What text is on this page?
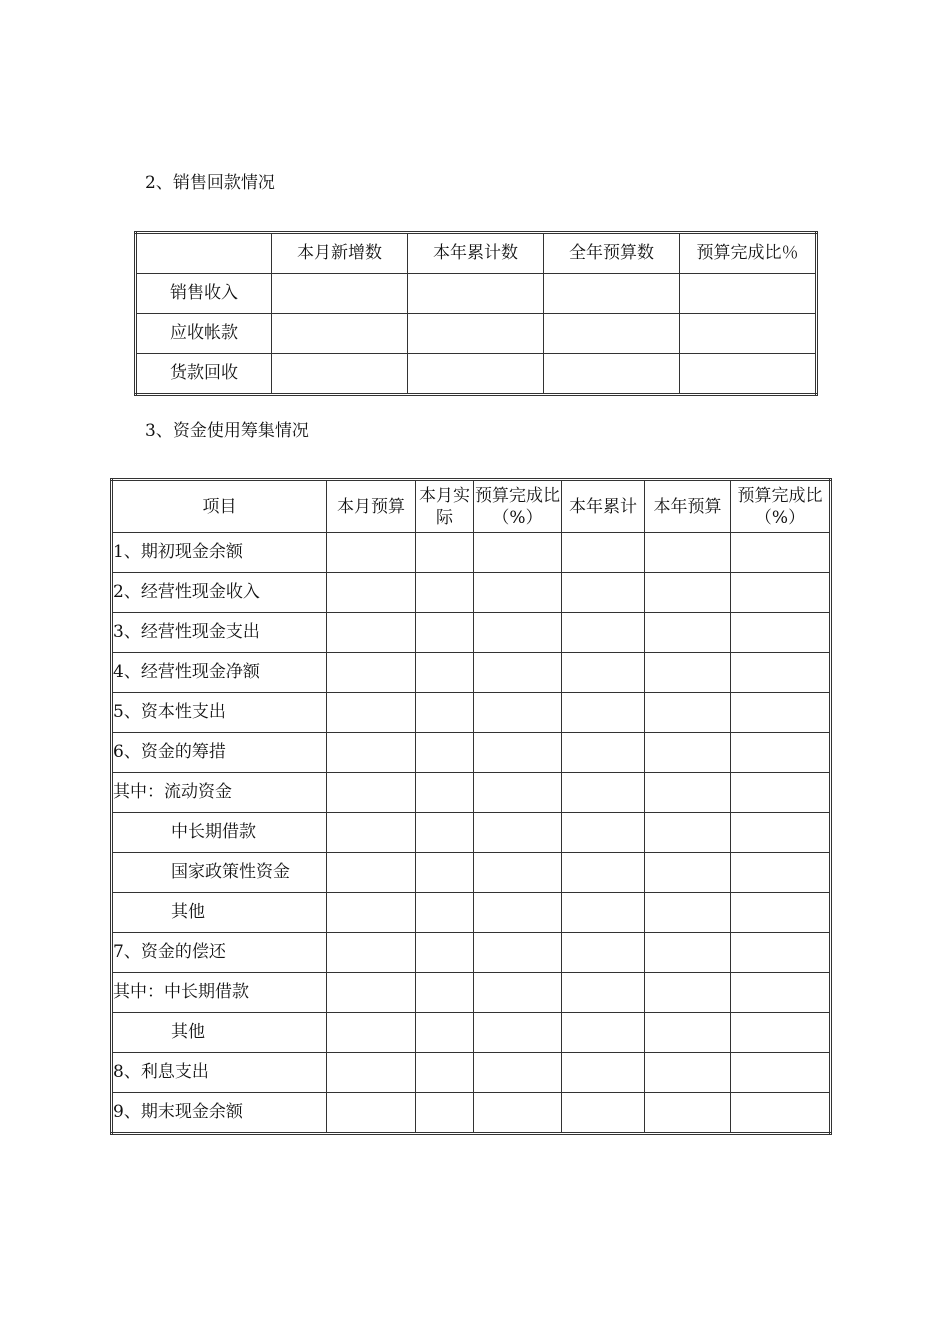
2、销售回款情况
	本月新增数	本年累计数	全年预算数	预算完成比％
销售收入				
应收帐款				
货款回收				
3、资金使用筹集情况
项目	本月预算	本月实际	预算完成比（%）	本年累计	本年预算	预算完成比（%）
1、期初现金余额						
2、经营性现金收入						
3、经营性现金支出						
4、经营性现金净额						
5、资本性支出						
6、资金的筹措						
其中：流动资金						
中长期借款						
国家政策性资金						
其他						
7、资金的偿还						
其中：中长期借款						
其他						
8、利息支出						
9、期末现金余额						
